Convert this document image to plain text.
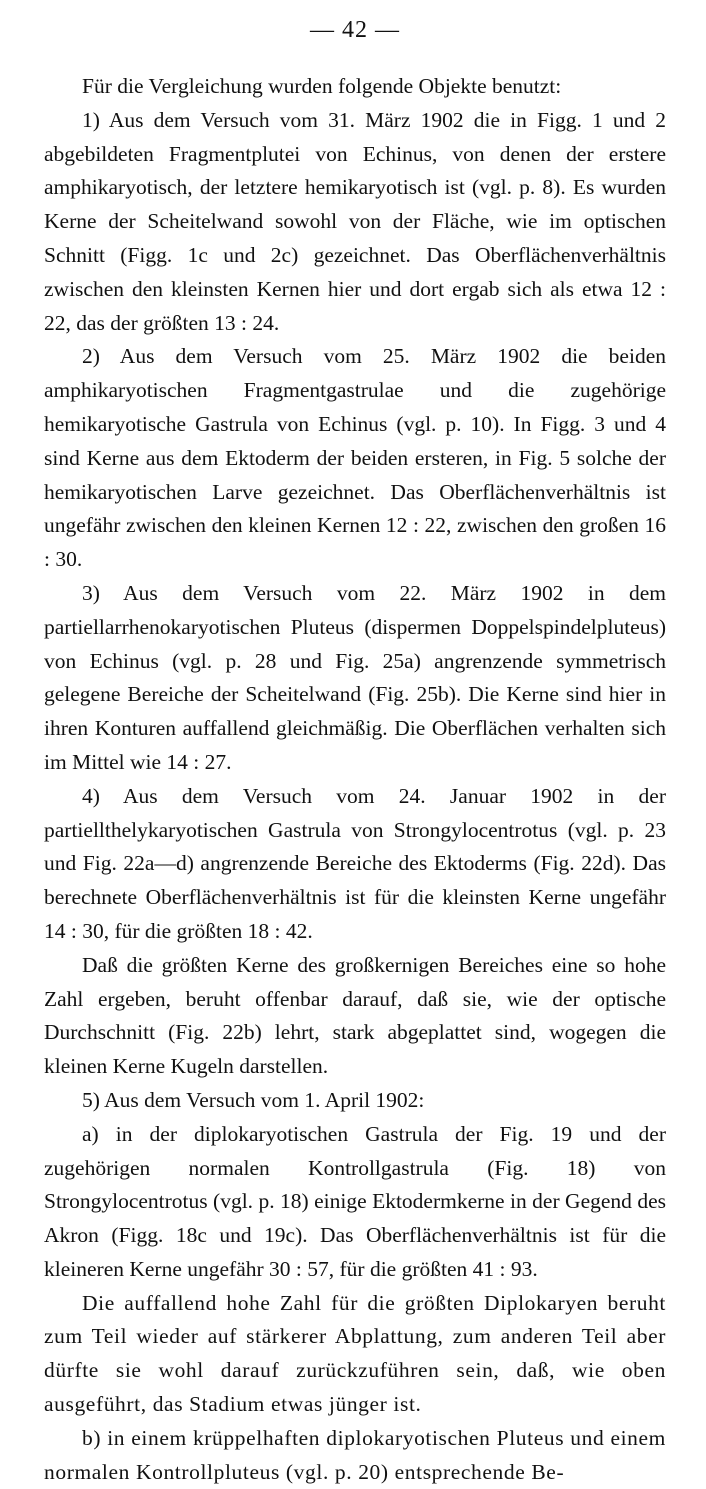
— 42 —

Für die Vergleichung wurden folgende Objekte benutzt:

1) Aus dem Versuch vom 31. März 1902 die in Figg. 1 und 2 abgebildeten Fragmentplutei von Echinus, von denen der erstere amphikaryotisch, der letztere hemikaryotisch ist (vgl. p. 8). Es wurden Kerne der Scheitelwand sowohl von der Fläche, wie im optischen Schnitt (Figg. 1c und 2c) gezeichnet. Das Oberflächenverhältnis zwischen den kleinsten Kernen hier und dort ergab sich als etwa 12 : 22, das der größten 13 : 24.

2) Aus dem Versuch vom 25. März 1902 die beiden amphikaryotischen Fragmentgastrulae und die zugehörige hemikaryotische Gastrula von Echinus (vgl. p. 10). In Figg. 3 und 4 sind Kerne aus dem Ektoderm der beiden ersteren, in Fig. 5 solche der hemikaryotischen Larve gezeichnet. Das Oberflächenverhältnis ist ungefähr zwischen den kleinen Kernen 12 : 22, zwischen den großen 16 : 30.

3) Aus dem Versuch vom 22. März 1902 in dem partiellarrhenokaryotischen Pluteus (dispermen Doppelspindelpluteus) von Echinus (vgl. p. 28 und Fig. 25a) angrenzende symmetrisch gelegene Bereiche der Scheitelwand (Fig. 25b). Die Kerne sind hier in ihren Konturen auffallend gleichmäßig. Die Oberflächen verhalten sich im Mittel wie 14 : 27.

4) Aus dem Versuch vom 24. Januar 1902 in der partiellthelykaryotischen Gastrula von Strongylocentrotus (vgl. p. 23 und Fig. 22a—d) angrenzende Bereiche des Ektoderms (Fig. 22d). Das berechnete Oberflächenverhältnis ist für die kleinsten Kerne ungefähr 14 : 30, für die größten 18 : 42.

Daß die größten Kerne des großkernigen Bereiches eine so hohe Zahl ergeben, beruht offenbar darauf, daß sie, wie der optische Durchschnitt (Fig. 22b) lehrt, stark abgeplattet sind, wogegen die kleinen Kerne Kugeln darstellen.

5) Aus dem Versuch vom 1. April 1902:

a) in der diplokaryotischen Gastrula der Fig. 19 und der zugehörigen normalen Kontrollgastrula (Fig. 18) von Strongylocentrotus (vgl. p. 18) einige Ektodermkerne in der Gegend des Akron (Figg. 18c und 19c). Das Oberflächenverhältnis ist für die kleineren Kerne ungefähr 30 : 57, für die größten 41 : 93.

Die auffallend hohe Zahl für die größten Diplokaryen beruht zum Teil wieder auf stärkerer Abplattung, zum anderen Teil aber dürfte sie wohl darauf zurückzuführen sein, daß, wie oben ausgeführt, das Stadium etwas jünger ist.

b) in einem krüppelhaften diplokaryotischen Pluteus und einem normalen Kontrollpluteus (vgl. p. 20) entsprechende Be-
